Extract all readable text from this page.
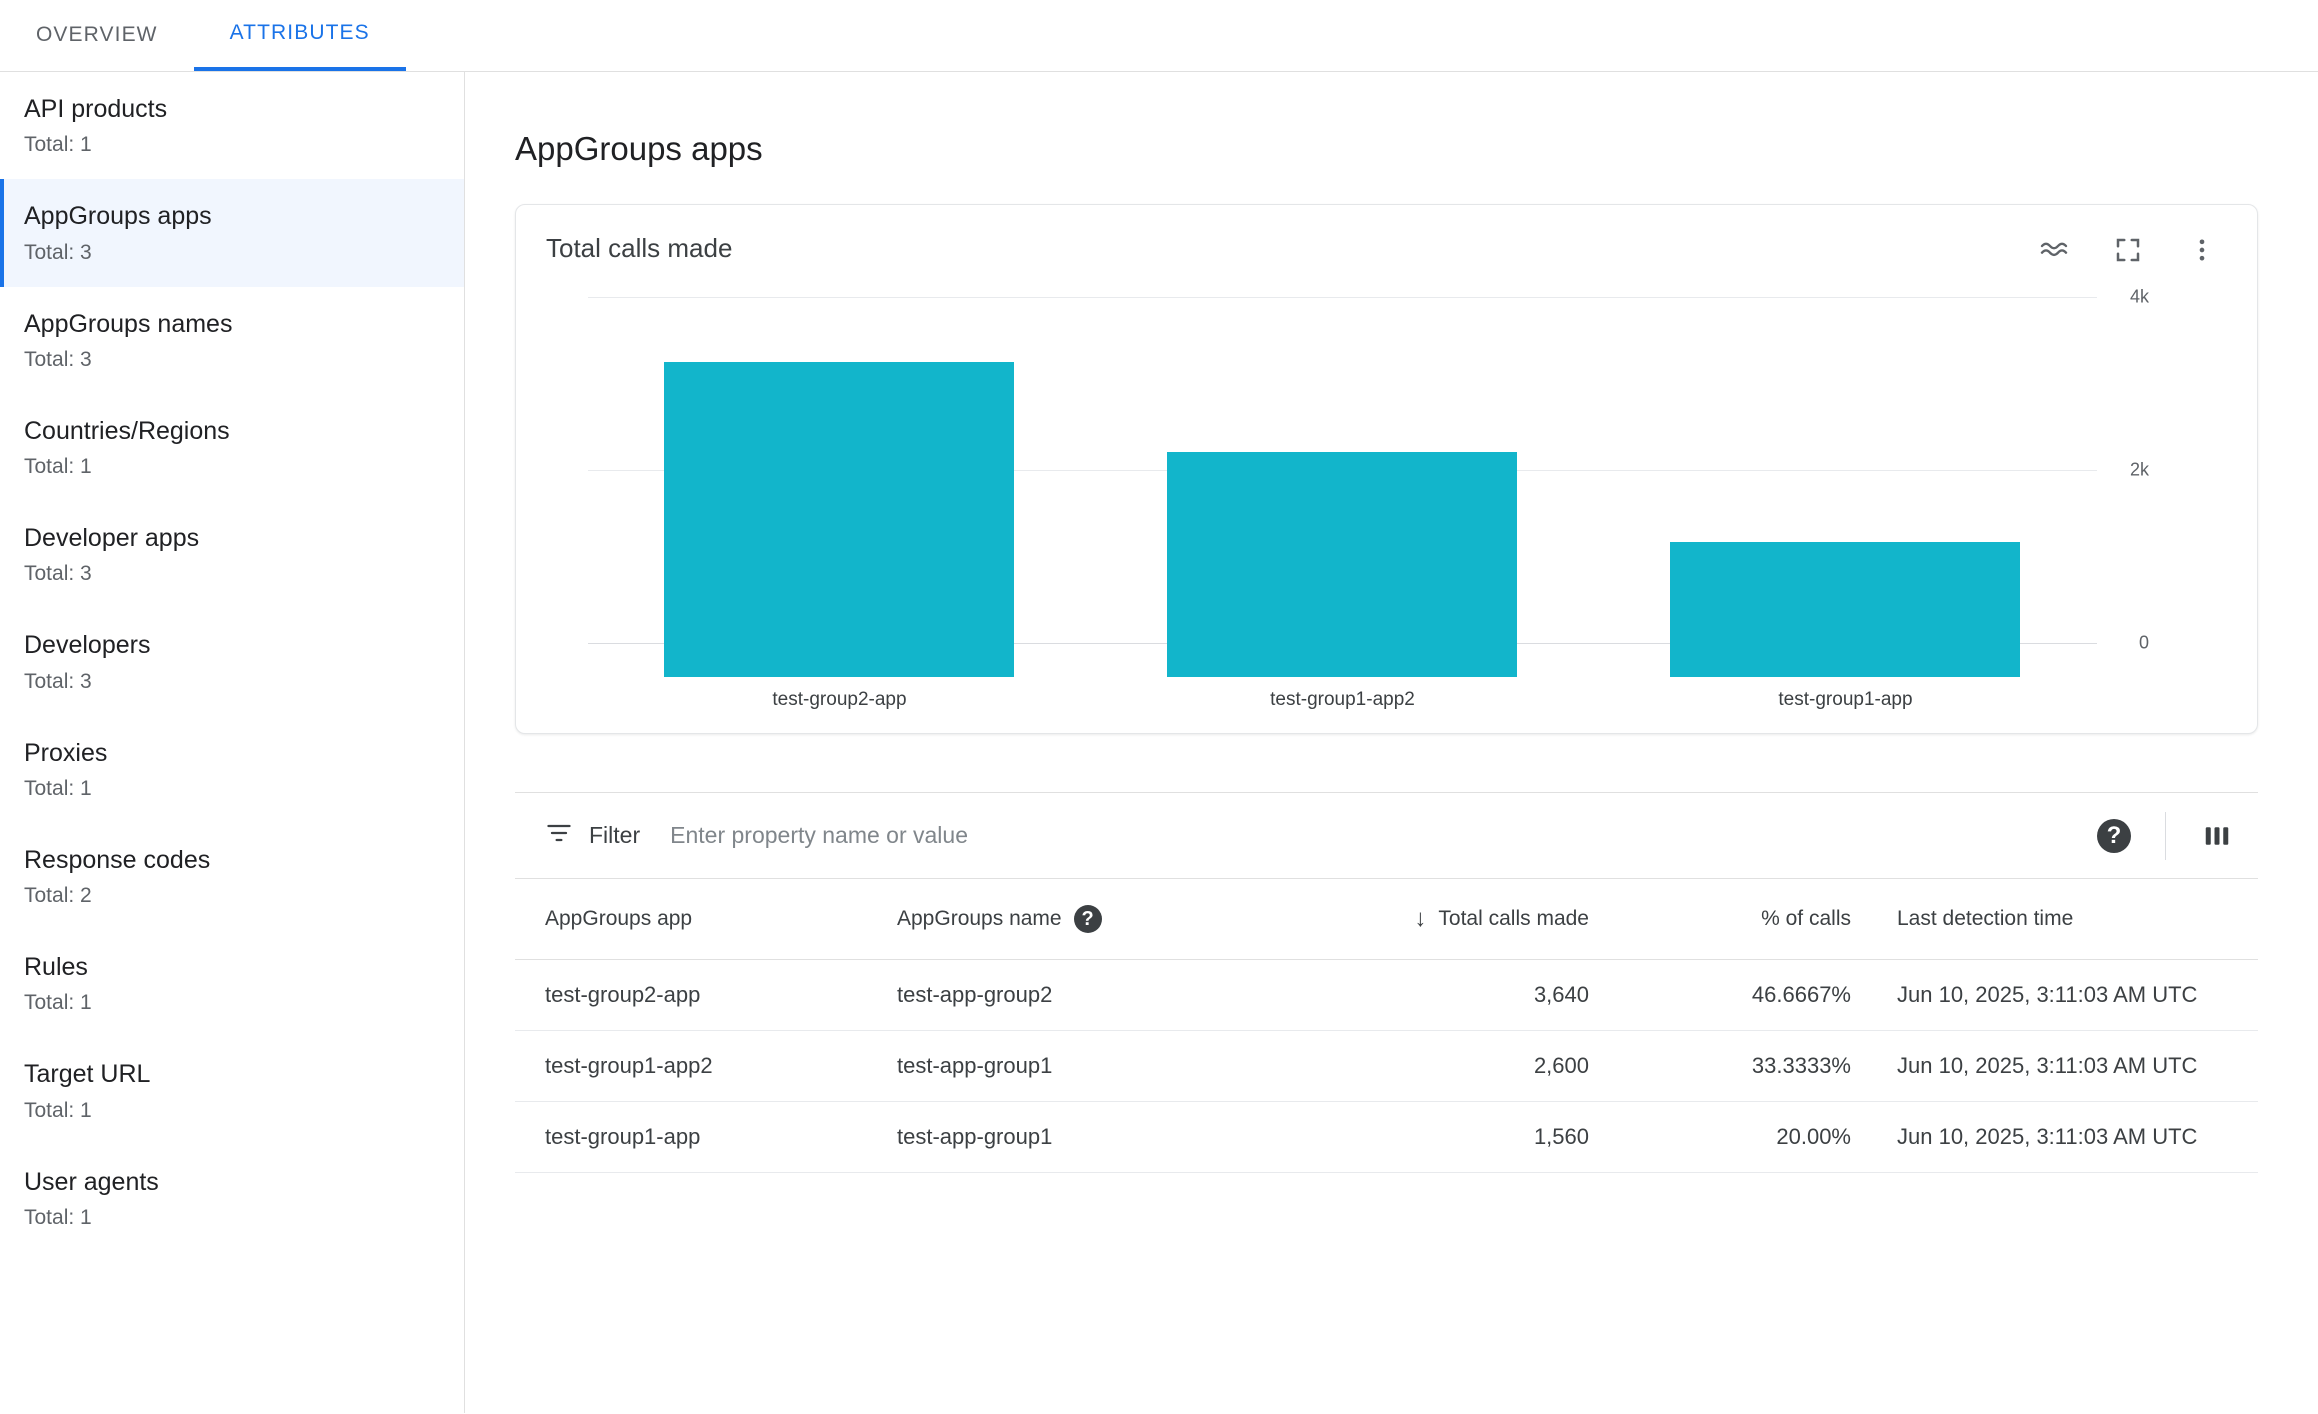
OVERVIEW	ATTRIBUTES
API products
Total: 1
AppGroups apps
Total: 3
AppGroups names
Total: 3
Countries/Regions
Total: 1
Developer apps
Total: 3
Developers
Total: 3
Proxies
Total: 1
Response codes
Total: 2
Rules
Total: 1
Target URL
Total: 1
User agents
Total: 1
AppGroups apps
Total calls made
4k
2k
0
test-group2-app	test-group1-app2	test-group1-app
Filter
Enter property name or value	?
AppGroups app	AppGroups name ?	↓ Total calls made	% of calls	Last detection time
test-group2-app	test-app-group2	3,640	46.6667%	Jun 10, 2025, 3:11:03 AM UTC
test-group1-app2	test-app-group1	2,600	33.3333%	Jun 10, 2025, 3:11:03 AM UTC
test-group1-app	test-app-group1	1,560	20.00%	Jun 10, 2025, 3:11:03 AM UTC
